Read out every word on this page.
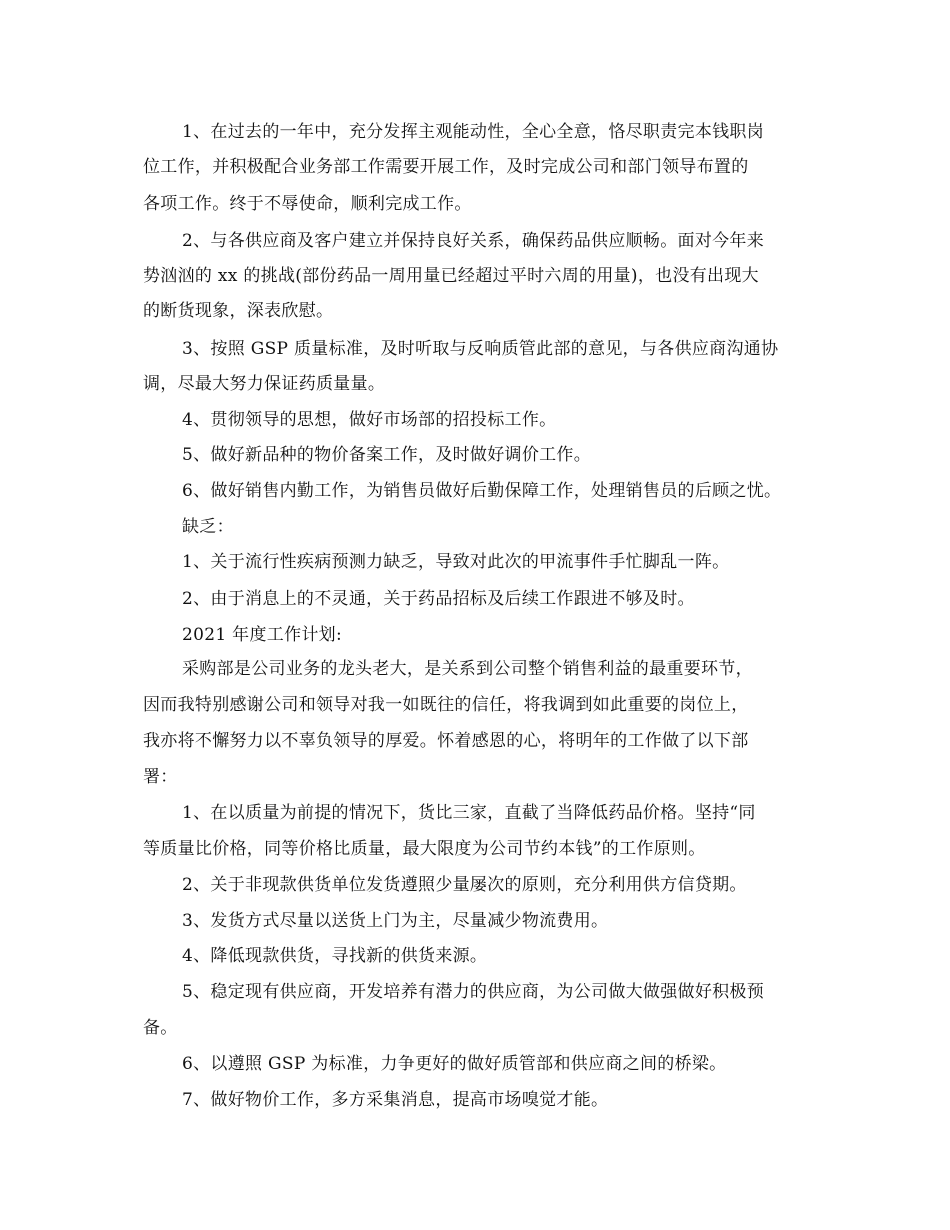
1、在过去的一年中，充分发挥主观能动性，全心全意，恪尽职责完本钱职岗
位工作，并积极配合业务部工作需要开展工作，及时完成公司和部门领导布置的
各项工作。终于不辱使命，顺利完成工作。
2、与各供应商及客户建立并保持良好关系，确保药品供应顺畅。面对今年来
势汹汹的 xx 的挑战(部份药品一周用量已经超过平时六周的用量)，也没有出现大
的断货现象，深表欣慰。
3、按照 GSP 质量标准，及时听取与反响质管此部的意见，与各供应商沟通协
调，尽最大努力保证药质量量。
4、贯彻领导的思想，做好市场部的招投标工作。
5、做好新品种的物价备案工作，及时做好调价工作。
6、做好销售内勤工作，为销售员做好后勤保障工作，处理销售员的后顾之忧。
缺乏：
1、关于流行性疾病预测力缺乏，导致对此次的甲流事件手忙脚乱一阵。
2、由于消息上的不灵通，关于药品招标及后续工作跟进不够及时。
2021 年度工作计划:
采购部是公司业务的龙头老大，是关系到公司整个销售利益的最重要环节，
因而我特别感谢公司和领导对我一如既往的信任，将我调到如此重要的岗位上，
我亦将不懈努力以不辜负领导的厚爱。怀着感恩的心，将明年的工作做了以下部
署：
1、在以质量为前提的情况下，货比三家，直截了当降低药品价格。坚持“同
等质量比价格，同等价格比质量，最大限度为公司节约本钱”的工作原则。
2、关于非现款供货单位发货遵照少量屡次的原则，充分利用供方信贷期。
3、发货方式尽量以送货上门为主，尽量减少物流费用。
4、降低现款供货，寻找新的供货来源。
5、稳定现有供应商，开发培养有潜力的供应商，为公司做大做强做好积极预
备。
6、以遵照 GSP 为标准，力争更好的做好质管部和供应商之间的桥梁。
7、做好物价工作，多方采集消息，提高市场嗅觉才能。
